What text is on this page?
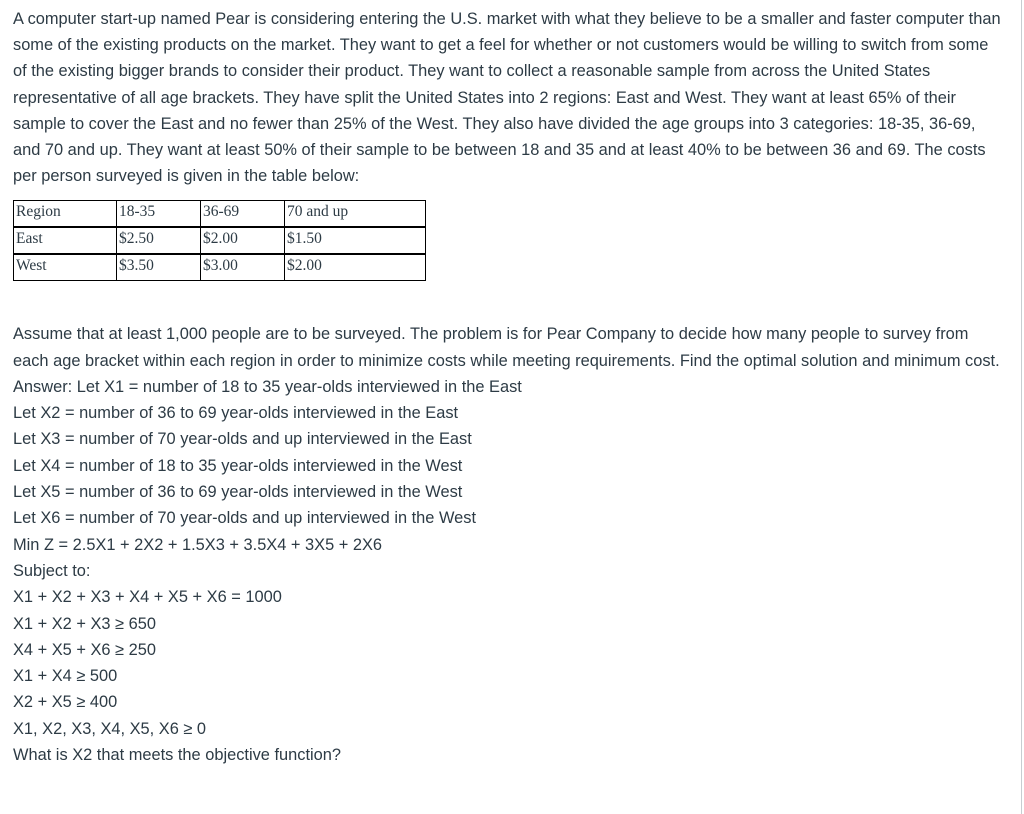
A computer start-up named Pear is considering entering the U.S. market with what they believe to be a smaller and faster computer than some of the existing products on the market. They want to get a feel for whether or not customers would be willing to switch from some of the existing bigger brands to consider their product. They want to collect a reasonable sample from across the United States representative of all age brackets. They have split the United States into 2 regions: East and West. They want at least 65% of their sample to cover the East and no fewer than 25% of the West. They also have divided the age groups into 3 categories: 18-35, 36-69, and 70 and up. They want at least 50% of their sample to be between 18 and 35 and at least 40% to be between 36 and 69. The costs per person surveyed is given in the table below:

Region	18-35	36-69	70 and up
East	$2.50	$2.00	$1.50
West	$3.50	$3.00	$2.00

Assume that at least 1,000 people are to be surveyed. The problem is for Pear Company to decide how many people to survey from each age bracket within each region in order to minimize costs while meeting requirements. Find the optimal solution and minimum cost.

Answer: Let X1 = number of 18 to 35 year-olds interviewed in the East
Let X2 = number of 36 to 69 year-olds interviewed in the East
Let X3 = number of 70 year-olds and up interviewed in the East
Let X4 = number of 18 to 35 year-olds interviewed in the West
Let X5 = number of 36 to 69 year-olds interviewed in the West
Let X6 = number of 70 year-olds and up interviewed in the West
Min Z = 2.5X1 + 2X2 + 1.5X3 + 3.5X4 + 3X5 + 2X6
Subject to:
X1 + X2 + X3 + X4 + X5 + X6 = 1000
X1 + X2 + X3 ≥ 650
X4 + X5 + X6 ≥ 250
X1 + X4 ≥ 500
X2 + X5 ≥ 400
X1, X2, X3, X4, X5, X6 ≥ 0
What is X2 that meets the objective function?
